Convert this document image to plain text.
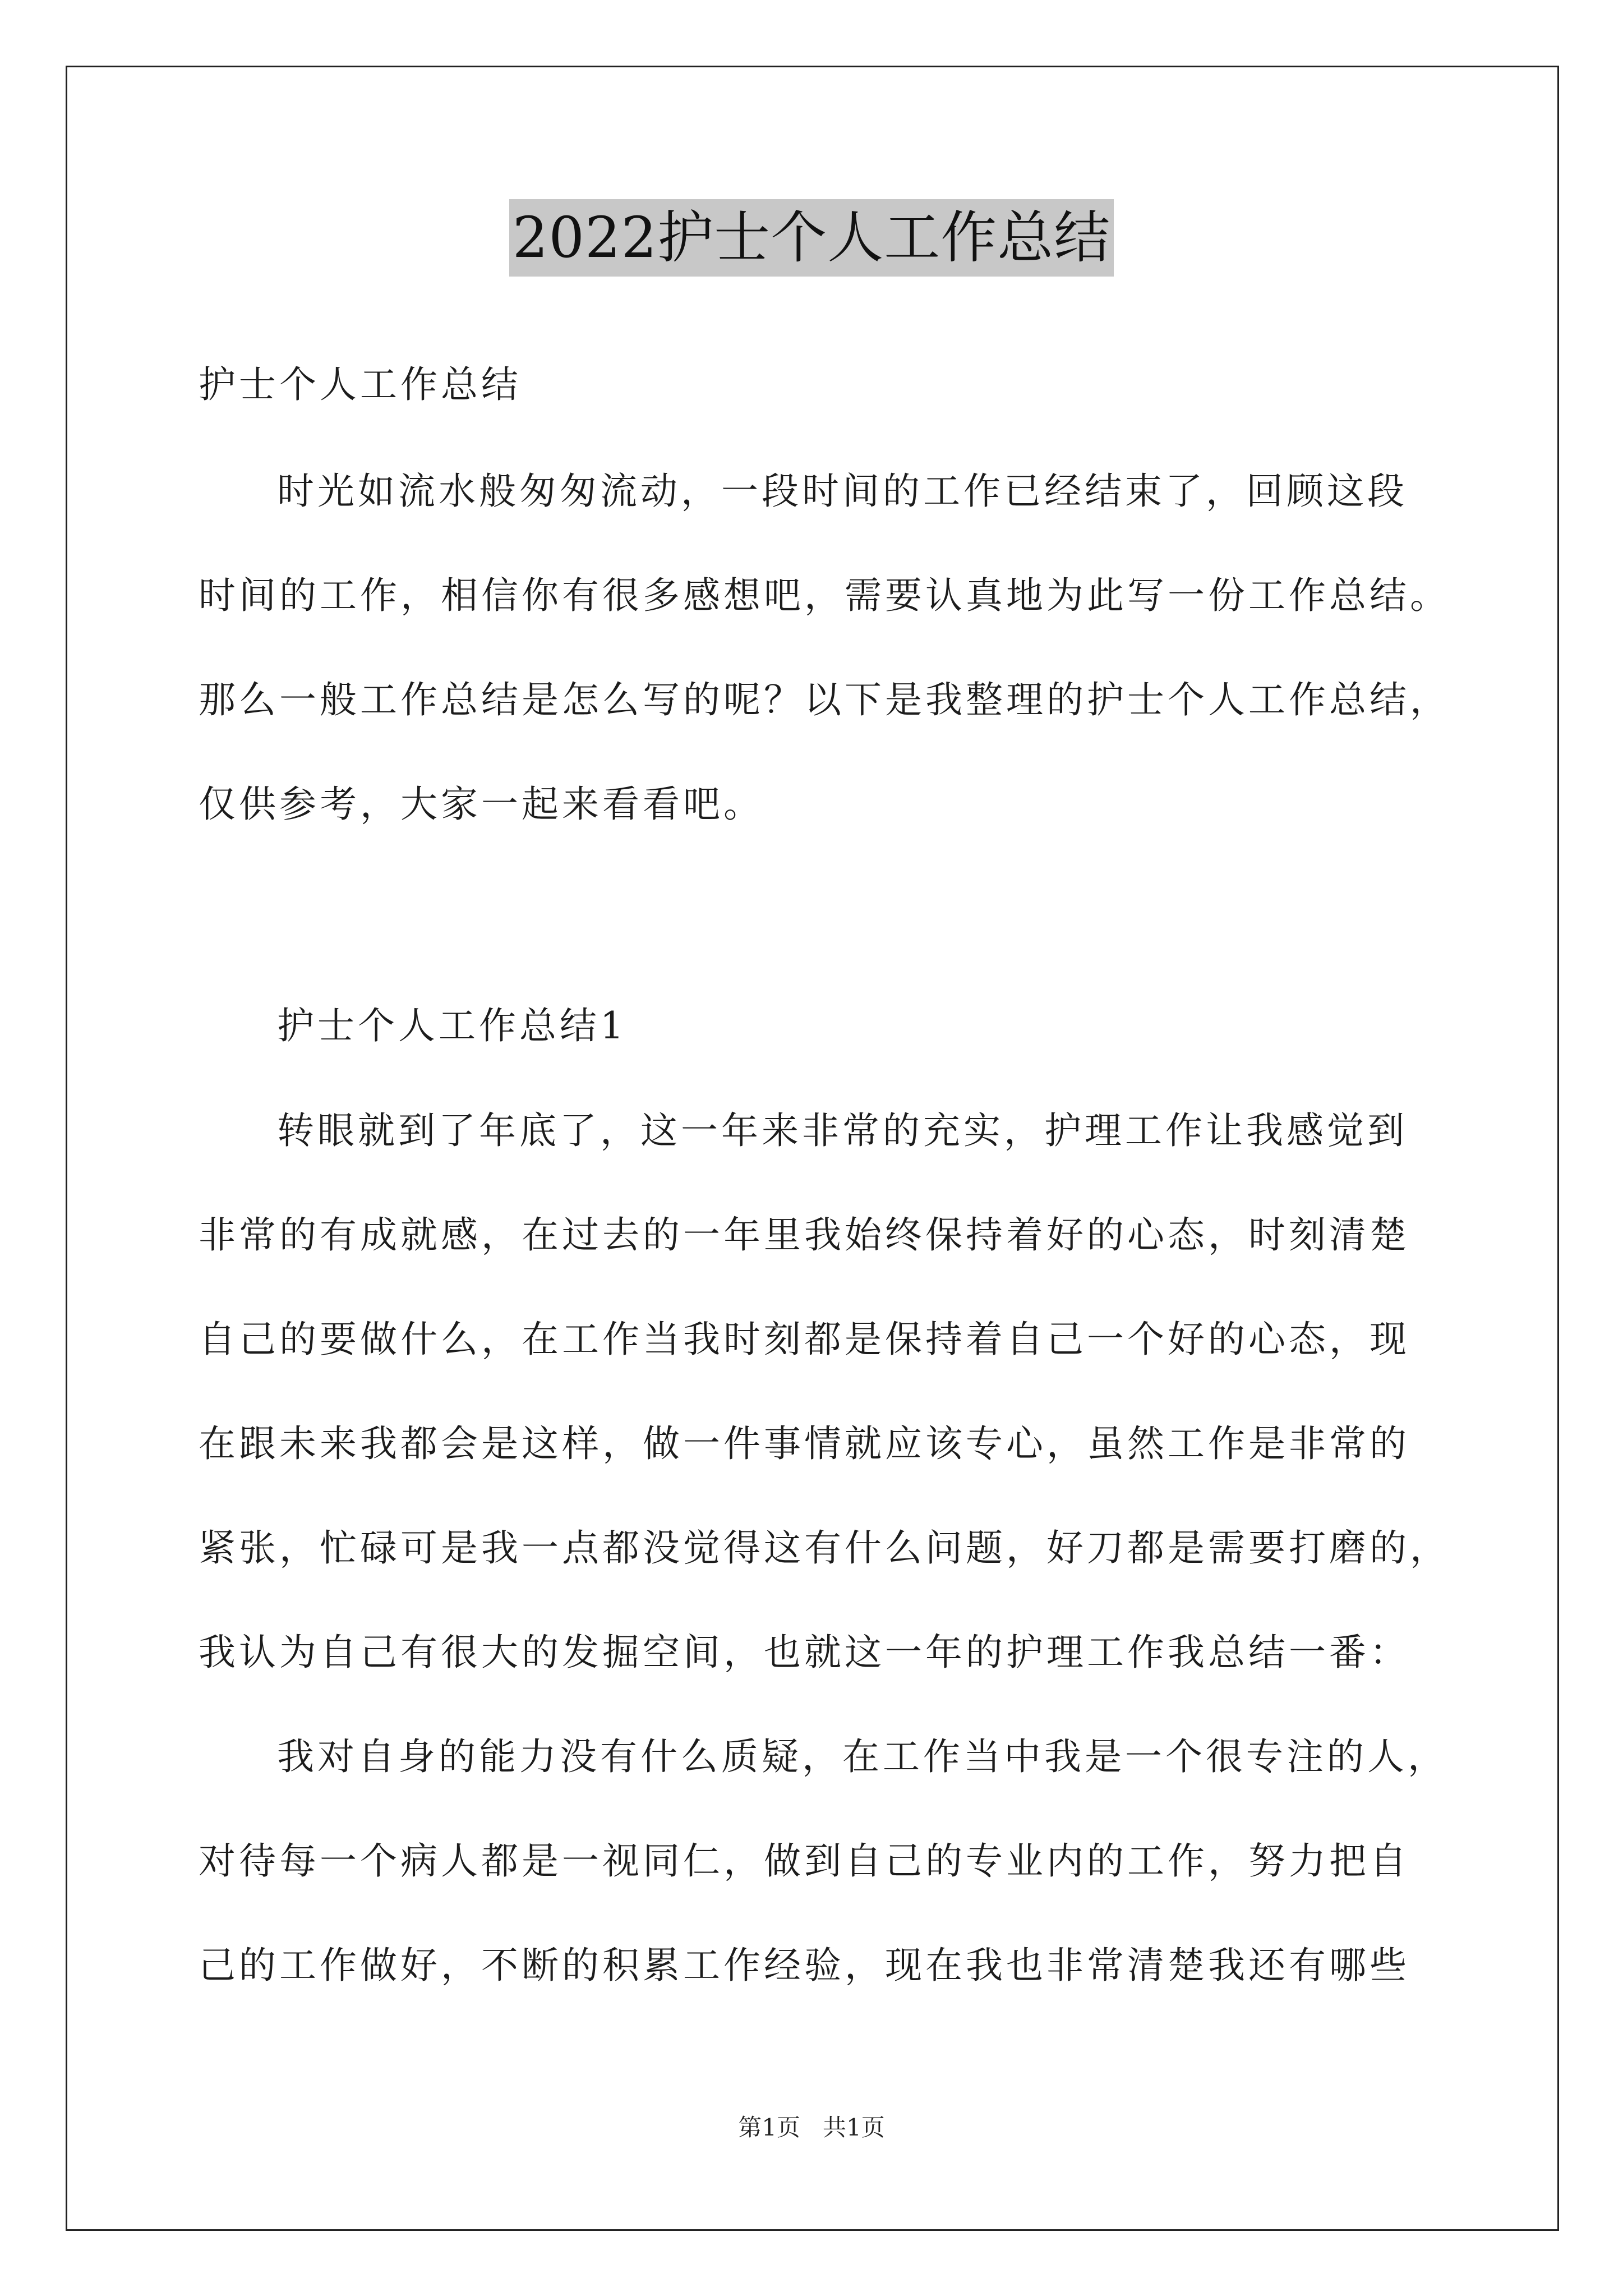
2022护士个人工作总结
护士个人工作总结
时光如流水般匆匆流动，一段时间的工作已经结束了，回顾这段
时间的工作，相信你有很多感想吧，需要认真地为此写一份工作总结。
那么一般工作总结是怎么写的呢？以下是我整理的护士个人工作总结，
仅供参考，大家一起来看看吧。
护士个人工作总结1
转眼就到了年底了，这一年来非常的充实，护理工作让我感觉到
非常的有成就感，在过去的一年里我始终保持着好的心态，时刻清楚
自己的要做什么，在工作当我时刻都是保持着自己一个好的心态，现
在跟未来我都会是这样，做一件事情就应该专心，虽然工作是非常的
紧张，忙碌可是我一点都没觉得这有什么问题，好刀都是需要打磨的，
我认为自己有很大的发掘空间，也就这一年的护理工作我总结一番：
我对自身的能力没有什么质疑，在工作当中我是一个很专注的人，
对待每一个病人都是一视同仁，做到自己的专业内的工作，努力把自
己的工作做好，不断的积累工作经验，现在我也非常清楚我还有哪些
第1页   共1页
